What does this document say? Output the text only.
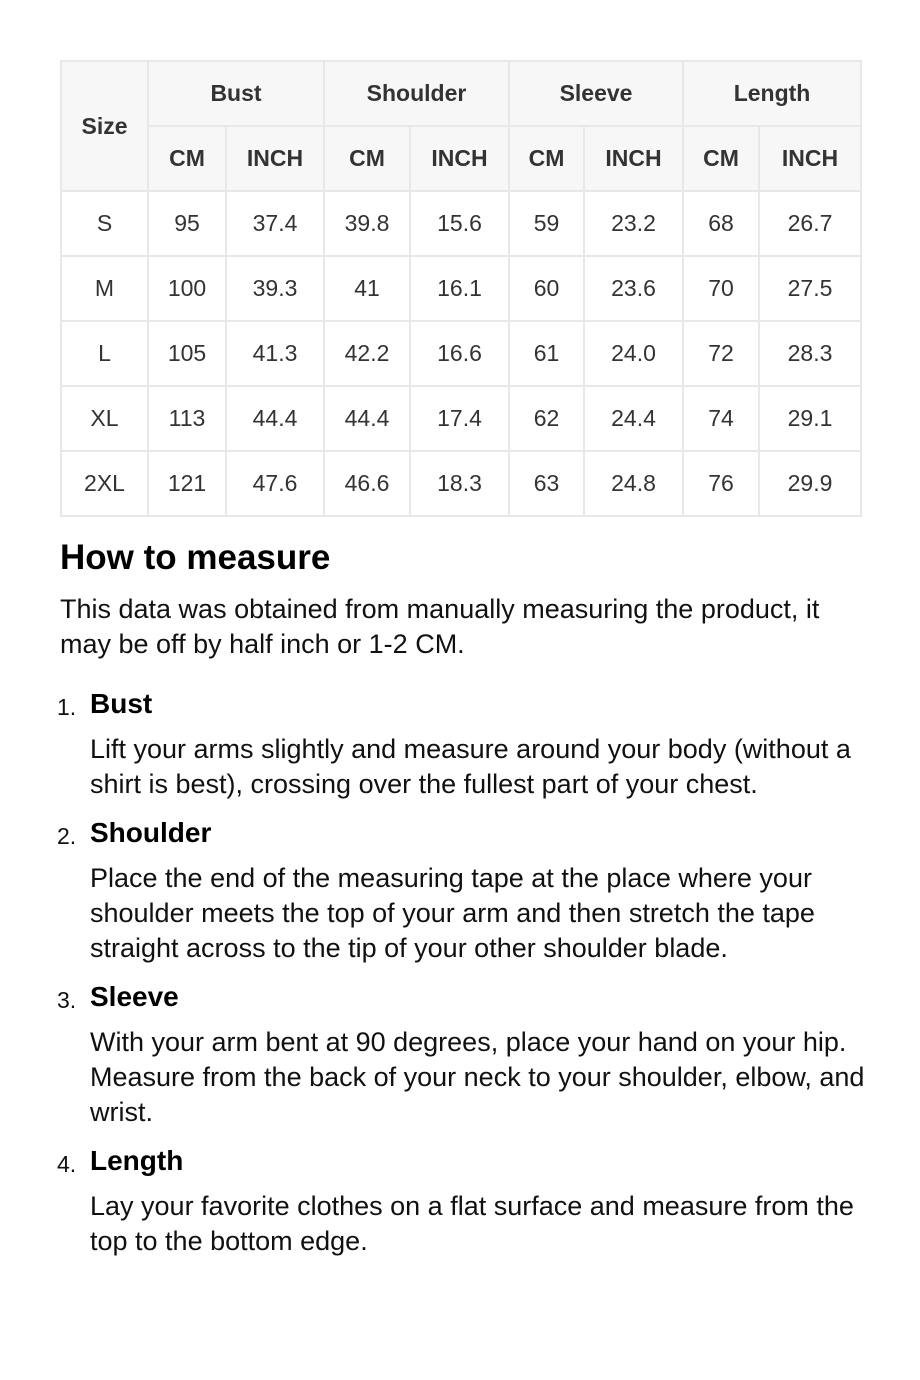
Size	Bust		Shoulder		Sleeve		Length	
	CM	INCH	CM	INCH	CM	INCH	CM	INCH
S	95	37.4	39.8	15.6	59	23.2	68	26.7
M	100	39.3	41	16.1	60	23.6	70	27.5
L	105	41.3	42.2	16.6	61	24.0	72	28.3
XL	113	44.4	44.4	17.4	62	24.4	74	29.1
2XL	121	47.6	46.6	18.3	63	24.8	76	29.9
How to measure

This data was obtained from manually measuring the product, it may be off by half inch or 1-2 CM.

1. Bust
Lift your arms slightly and measure around your body (without a shirt is best), crossing over the fullest part of your chest.
2. Shoulder
Place the end of the measuring tape at the place where your shoulder meets the top of your arm and then stretch the tape straight across to the tip of your other shoulder blade.
3. Sleeve
With your arm bent at 90 degrees, place your hand on your hip. Measure from the back of your neck to your shoulder, elbow, and wrist.
4. Length
Lay your favorite clothes on a flat surface and measure from the top to the bottom edge.
